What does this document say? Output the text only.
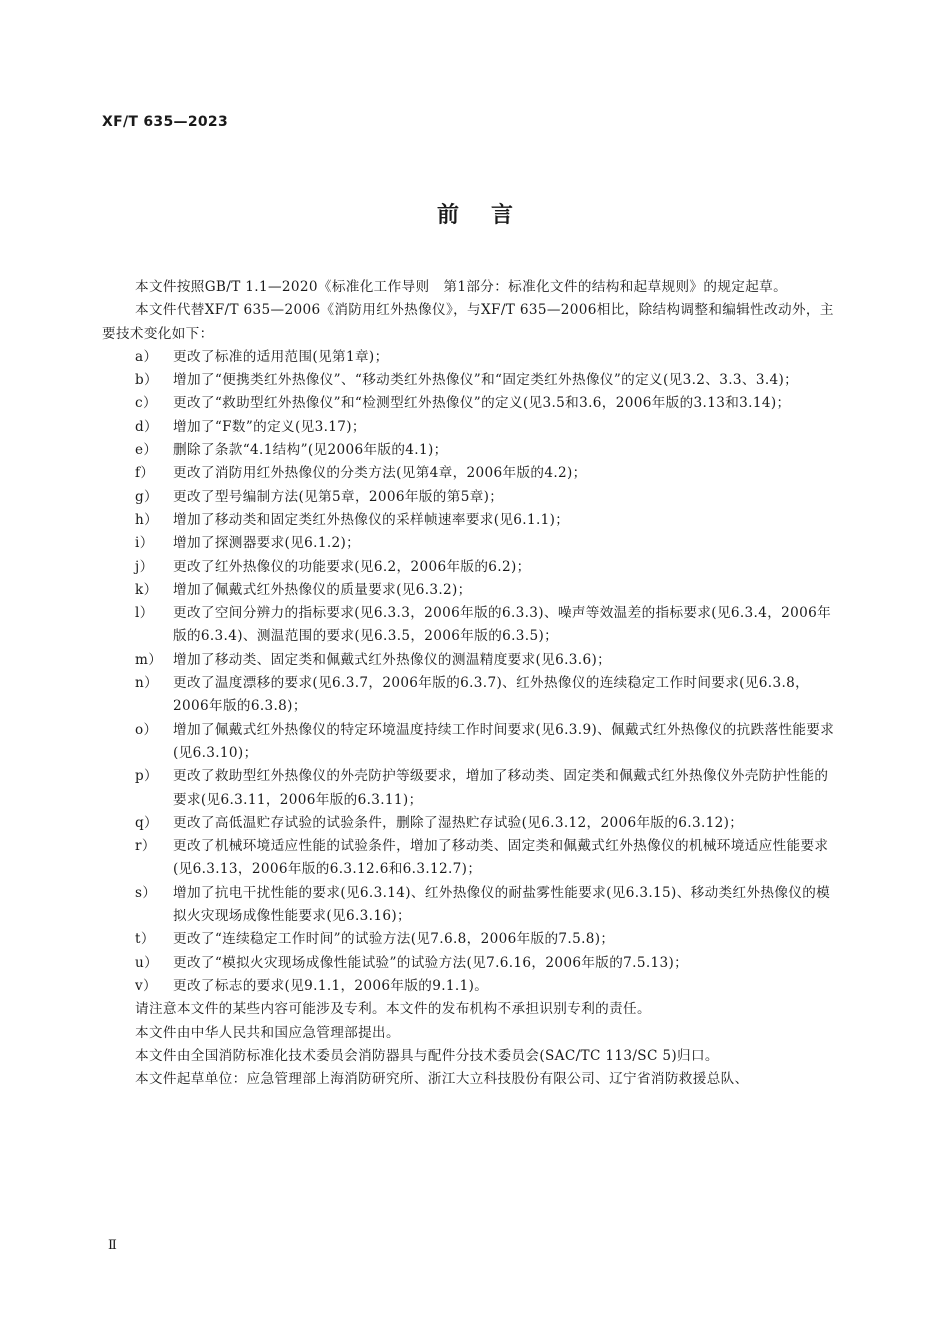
XF/T 635—2023
前言

本文件按照GB/T 1.1—2020《标准化工作导则　第1部分：标准化文件的结构和起草规则》的规定起草。

本文件代替XF/T 635—2006《消防用红外热像仪》，与XF/T 635—2006相比，除结构调整和编辑性改动外，主要技术变化如下：

a）	更改了标准的适用范围(见第1章)；
b）	增加了“便携类红外热像仪”、“移动类红外热像仪”和“固定类红外热像仪”的定义(见3.2、3.3、3.4)；
c）	更改了“救助型红外热像仪”和“检测型红外热像仪”的定义(见3.5和3.6，2006年版的3.13和3.14)；
d）	增加了“F数”的定义(见3.17)；
e）	删除了条款“4.1结构”(见2006年版的4.1)；
f）	更改了消防用红外热像仪的分类方法(见第4章，2006年版的4.2)；
g）	更改了型号编制方法(见第5章，2006年版的第5章)；
h）	增加了移动类和固定类红外热像仪的采样帧速率要求(见6.1.1)；
i）	增加了探测器要求(见6.1.2)；
j）	更改了红外热像仪的功能要求(见6.2，2006年版的6.2)；
k）	增加了佩戴式红外热像仪的质量要求(见6.3.2)；
l）	更改了空间分辨力的指标要求(见6.3.3，2006年版的6.3.3)、噪声等效温差的指标要求(见6.3.4，2006年版的6.3.4)、测温范围的要求(见6.3.5，2006年版的6.3.5)；
m） 增加了移动类、固定类和佩戴式红外热像仪的测温精度要求(见6.3.6)；
n）	更改了温度漂移的要求(见6.3.7，2006年版的6.3.7)、红外热像仪的连续稳定工作时间要求(见6.3.8，2006年版的6.3.8)；
o）	增加了佩戴式红外热像仪的特定环境温度持续工作时间要求(见6.3.9)、佩戴式红外热像仪的抗跌落性能要求(见6.3.10)；
p）	更改了救助型红外热像仪的外壳防护等级要求，增加了移动类、固定类和佩戴式红外热像仪外壳防护性能的要求(见6.3.11，2006年版的6.3.11)；
q）	更改了高低温贮存试验的试验条件，删除了湿热贮存试验(见6.3.12，2006年版的6.3.12)；
r）	更改了机械环境适应性能的试验条件，增加了移动类、固定类和佩戴式红外热像仪的机械环境适应性能要求(见6.3.13，2006年版的6.3.12.6和6.3.12.7)；
s）	增加了抗电干扰性能的要求(见6.3.14)、红外热像仪的耐盐雾性能要求(见6.3.15)、移动类红外热像仪的模拟火灾现场成像性能要求(见6.3.16)；
t）	更改了“连续稳定工作时间”的试验方法(见7.6.8，2006年版的7.5.8)；
u）	更改了“模拟火灾现场成像性能试验”的试验方法(见7.6.16，2006年版的7.5.13)；
v）	更改了标志的要求(见9.1.1，2006年版的9.1.1)。

请注意本文件的某些内容可能涉及专利。本文件的发布机构不承担识别专利的责任。

本文件由中华人民共和国应急管理部提出。

本文件由全国消防标准化技术委员会消防器具与配件分技术委员会(SAC/TC 113/SC 5)归口。

本文件起草单位：应急管理部上海消防研究所、浙江大立科技股份有限公司、辽宁省消防救援总队、

Ⅱ
